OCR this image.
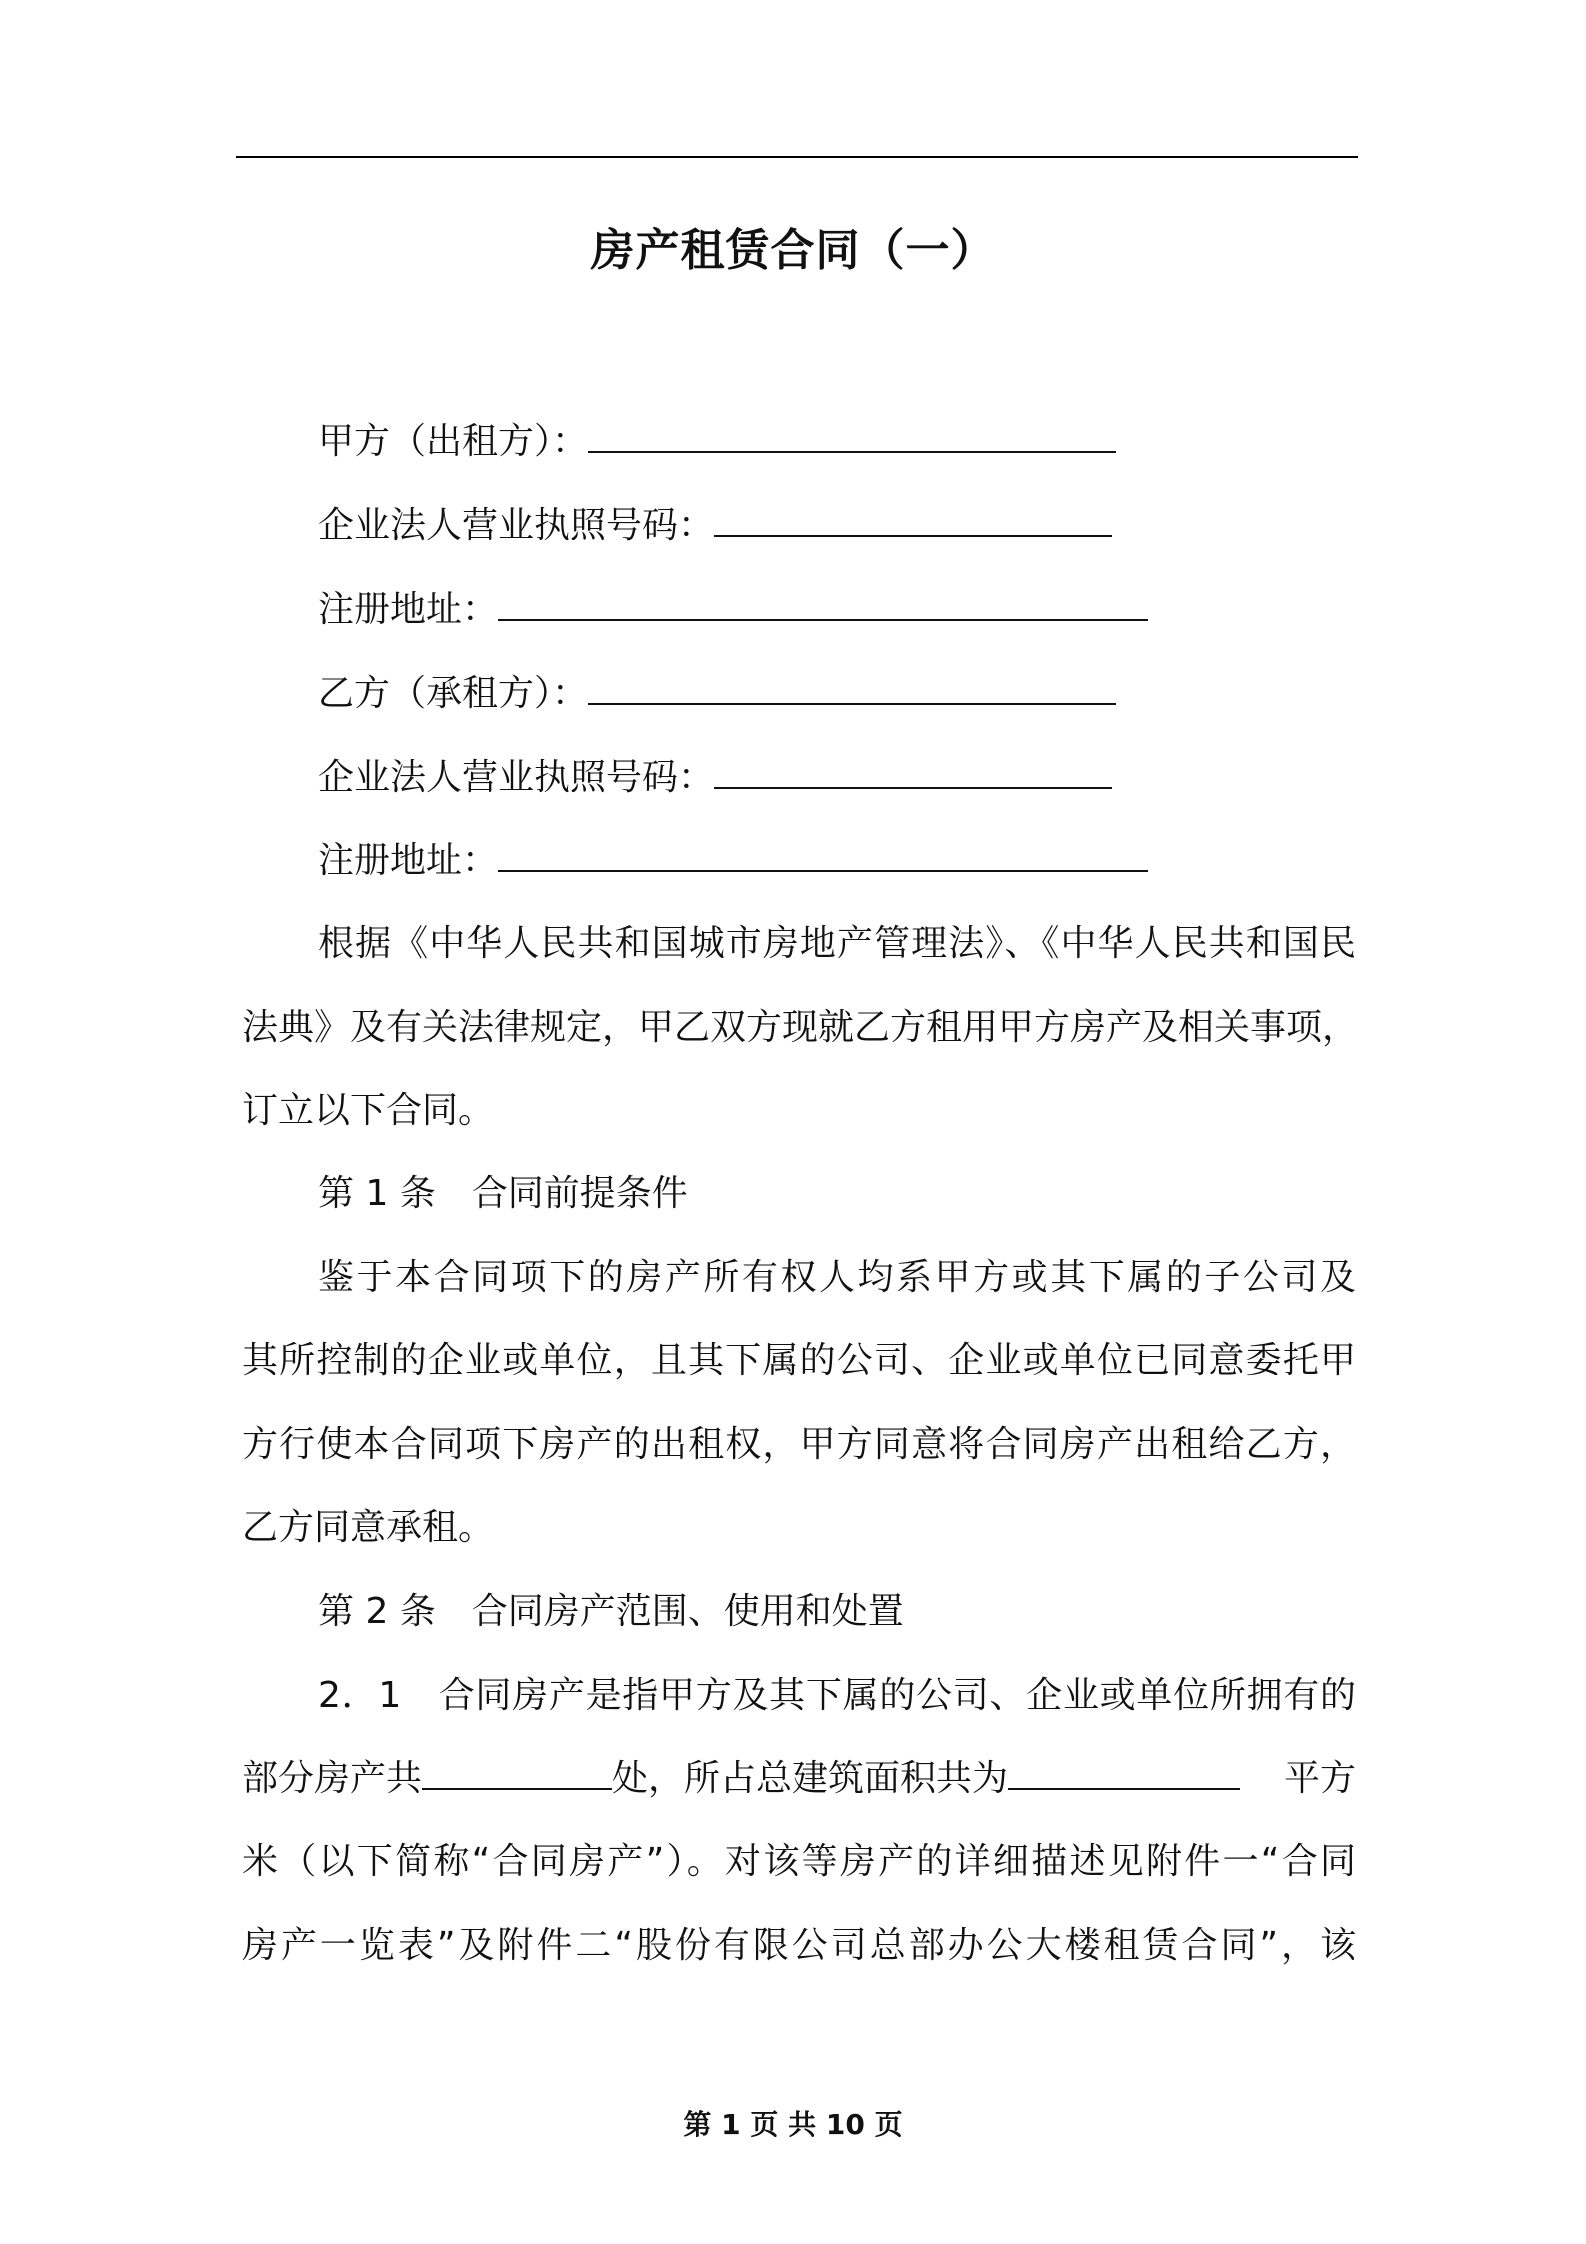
房产租赁合同（一）
甲方（出租方）：
企业法人营业执照号码：
注册地址：
乙方（承租方）：
企业法人营业执照号码：
注册地址：
根据《中华人民共和国城市房地产管理法》、《中华人民共和国民
法典》及有关法律规定，甲乙双方现就乙方租用甲方房产及相关事项，
订立以下合同。
第 1 条　合同前提条件
鉴于本合同项下的房产所有权人均系甲方或其下属的子公司及
其所控制的企业或单位，且其下属的公司、企业或单位已同意委托甲
方行使本合同项下房产的出租权，甲方同意将合同房产出租给乙方，
乙方同意承租。
第 2 条　合同房产范围、使用和处置
2．1　合同房产是指甲方及其下属的公司、企业或单位所拥有的
部分房产共	处，所占总建筑面积共为	平方
米（以下简称“合同房产”）。对该等房产的详细描述见附件一“合同
房产一览表”及附件二“股份有限公司总部办公大楼租赁合同”，该
第 1 页 共 10 页
